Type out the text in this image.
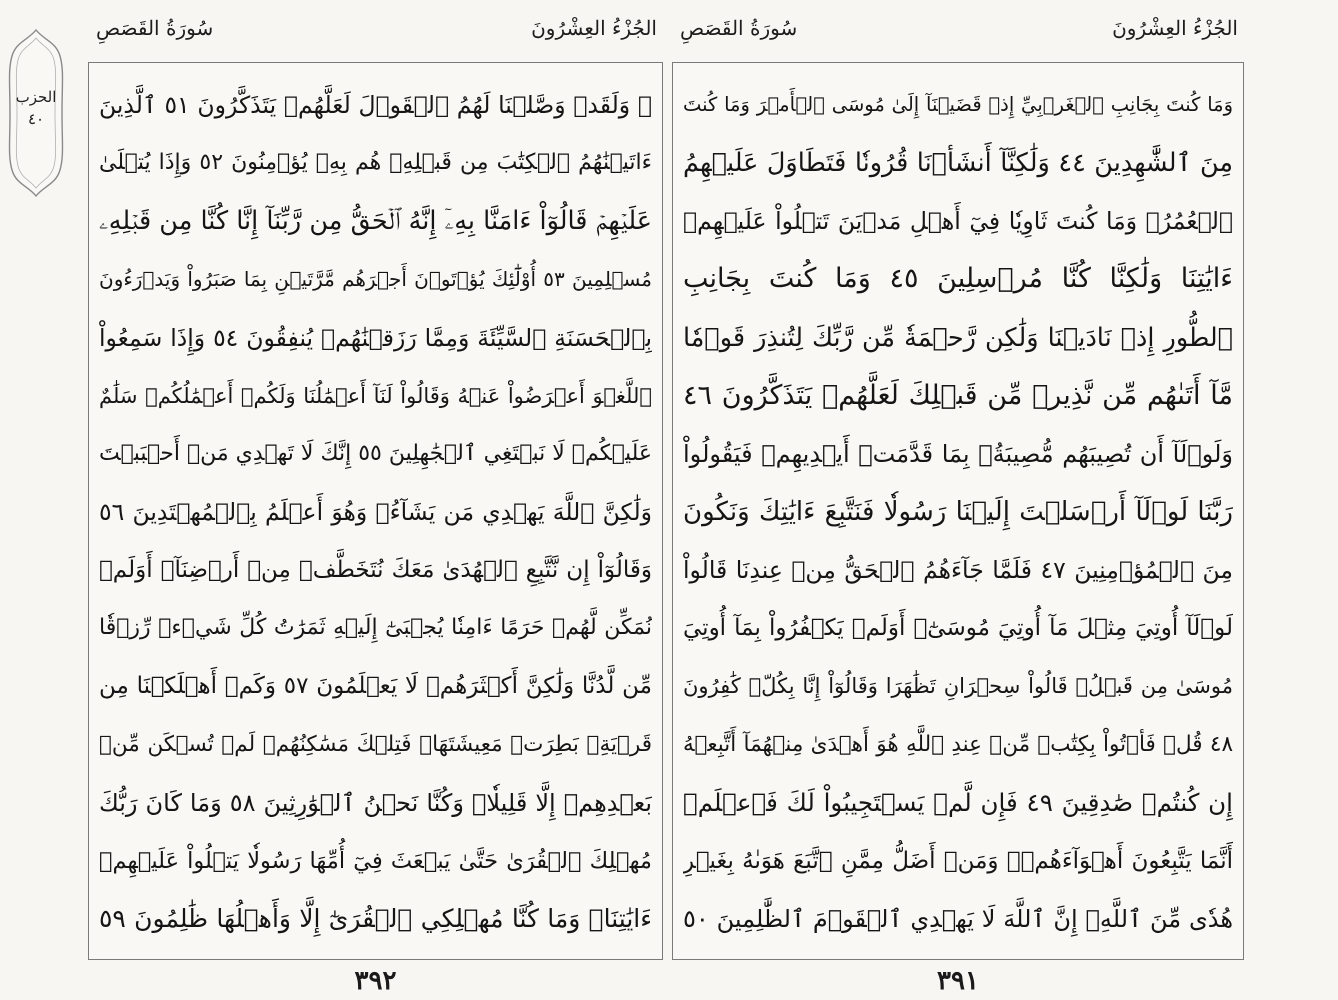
الحزب
٤٠
سُورَةُ القَصَصِ	الجُزْءُ العِشْرُونَ
۞ وَلَقَدۡ وَصَّلۡنَا لَهُمُ ٱلۡقَوۡلَ لَعَلَّهُمۡ يَتَذَكَّرُونَ ٥١ ٱلَّذِينَ
ءَاتَيۡنَٰهُمُ ٱلۡكِتَٰبَ مِن قَبۡلِهِۦ هُم بِهِۦ يُؤۡمِنُونَ ٥٢ وَإِذَا يُتۡلَىٰ
عَلَيۡهِمۡ قَالُوٓاْ ءَامَنَّا بِهِۦٓ إِنَّهُ ٱلۡحَقُّ مِن رَّبِّنَآ إِنَّا كُنَّا مِن قَبۡلِهِۦ
مُسۡلِمِينَ ٥٣ أُوْلَٰٓئِكَ يُؤۡتَوۡنَ أَجۡرَهُم مَّرَّتَيۡنِ بِمَا صَبَرُواْ وَيَدۡرَءُونَ
بِٱلۡحَسَنَةِ ٱلسَّيِّئَةَ وَمِمَّا رَزَقۡنَٰهُمۡ يُنفِقُونَ ٥٤ وَإِذَا سَمِعُواْ
ٱللَّغۡوَ أَعۡرَضُواْ عَنۡهُ وَقَالُواْ لَنَآ أَعۡمَٰلُنَا وَلَكُمۡ أَعۡمَٰلُكُمۡ سَلَٰمٌ
عَلَيۡكُمۡ لَا نَبۡتَغِي ٱلۡجَٰهِلِينَ ٥٥ إِنَّكَ لَا تَهۡدِي مَنۡ أَحۡبَبۡتَ
وَلَٰكِنَّ ٱللَّهَ يَهۡدِي مَن يَشَآءُۚ وَهُوَ أَعۡلَمُ بِٱلۡمُهۡتَدِينَ ٥٦
وَقَالُوٓاْ إِن نَّتَّبِعِ ٱلۡهُدَىٰ مَعَكَ نُتَخَطَّفۡ مِنۡ أَرۡضِنَآۚ أَوَلَمۡ
نُمَكِّن لَّهُمۡ حَرَمًا ءَامِنٗا يُجۡبَىٰٓ إِلَيۡهِ ثَمَرَٰتُ كُلِّ شَيۡءٖ رِّزۡقٗا
مِّن لَّدُنَّا وَلَٰكِنَّ أَكۡثَرَهُمۡ لَا يَعۡلَمُونَ ٥٧ وَكَمۡ أَهۡلَكۡنَا مِن
قَرۡيَةِۭ بَطِرَتۡ مَعِيشَتَهَاۖ فَتِلۡكَ مَسَٰكِنُهُمۡ لَمۡ تُسۡكَن مِّنۢ
بَعۡدِهِمۡ إِلَّا قَلِيلٗاۖ وَكُنَّا نَحۡنُ ٱلۡوَٰرِثِينَ ٥٨ وَمَا كَانَ رَبُّكَ
مُهۡلِكَ ٱلۡقُرَىٰ حَتَّىٰ يَبۡعَثَ فِيٓ أُمِّهَا رَسُولٗا يَتۡلُواْ عَلَيۡهِمۡ
ءَايَٰتِنَاۚ وَمَا كُنَّا مُهۡلِكِي ٱلۡقُرَىٰٓ إِلَّا وَأَهۡلُهَا ظَٰلِمُونَ ٥٩
٣٩٢
سُورَةُ القَصَصِ	الجُزْءُ العِشْرُونَ
وَمَا كُنتَ بِجَانِبِ ٱلۡغَرۡبِيِّ إِذۡ قَضَيۡنَآ إِلَىٰ مُوسَى ٱلۡأَمۡرَ وَمَا كُنتَ
مِنَ ٱلشَّٰهِدِينَ ٤٤ وَلَٰكِنَّآ أَنشَأۡنَا قُرُونٗا فَتَطَاوَلَ عَلَيۡهِمُ
ٱلۡعُمُرُۚ وَمَا كُنتَ ثَاوِيٗا فِيٓ أَهۡلِ مَدۡيَنَ تَتۡلُواْ عَلَيۡهِمۡ
ءَايَٰتِنَا وَلَٰكِنَّا كُنَّا مُرۡسِلِينَ ٤٥ وَمَا كُنتَ بِجَانِبِ
ٱلطُّورِ إِذۡ نَادَيۡنَا وَلَٰكِن رَّحۡمَةٗ مِّن رَّبِّكَ لِتُنذِرَ قَوۡمٗا
مَّآ أَتَىٰهُم مِّن نَّذِيرٖ مِّن قَبۡلِكَ لَعَلَّهُمۡ يَتَذَكَّرُونَ ٤٦
وَلَوۡلَآ أَن تُصِيبَهُم مُّصِيبَةُۢ بِمَا قَدَّمَتۡ أَيۡدِيهِمۡ فَيَقُولُواْ
رَبَّنَا لَوۡلَآ أَرۡسَلۡتَ إِلَيۡنَا رَسُولٗا فَنَتَّبِعَ ءَايَٰتِكَ وَنَكُونَ
مِنَ ٱلۡمُؤۡمِنِينَ ٤٧ فَلَمَّا جَآءَهُمُ ٱلۡحَقُّ مِنۡ عِندِنَا قَالُواْ
لَوۡلَآ أُوتِيَ مِثۡلَ مَآ أُوتِيَ مُوسَىٰٓۚ أَوَلَمۡ يَكۡفُرُواْ بِمَآ أُوتِيَ
مُوسَىٰ مِن قَبۡلُۖ قَالُواْ سِحۡرَانِ تَظَٰهَرَا وَقَالُوٓاْ إِنَّا بِكُلّٖ كَٰفِرُونَ
٤٨ قُلۡ فَأۡتُواْ بِكِتَٰبٖ مِّنۡ عِندِ ٱللَّهِ هُوَ أَهۡدَىٰ مِنۡهُمَآ أَتَّبِعۡهُ
إِن كُنتُمۡ صَٰدِقِينَ ٤٩ فَإِن لَّمۡ يَسۡتَجِيبُواْ لَكَ فَٱعۡلَمۡ
أَنَّمَا يَتَّبِعُونَ أَهۡوَآءَهُمۡۚ وَمَنۡ أَضَلُّ مِمَّنِ ٱتَّبَعَ هَوَىٰهُ بِغَيۡرِ
هُدٗى مِّنَ ٱللَّهِۚ إِنَّ ٱللَّهَ لَا يَهۡدِي ٱلۡقَوۡمَ ٱلظَّٰلِمِينَ ٥٠
٣٩١
